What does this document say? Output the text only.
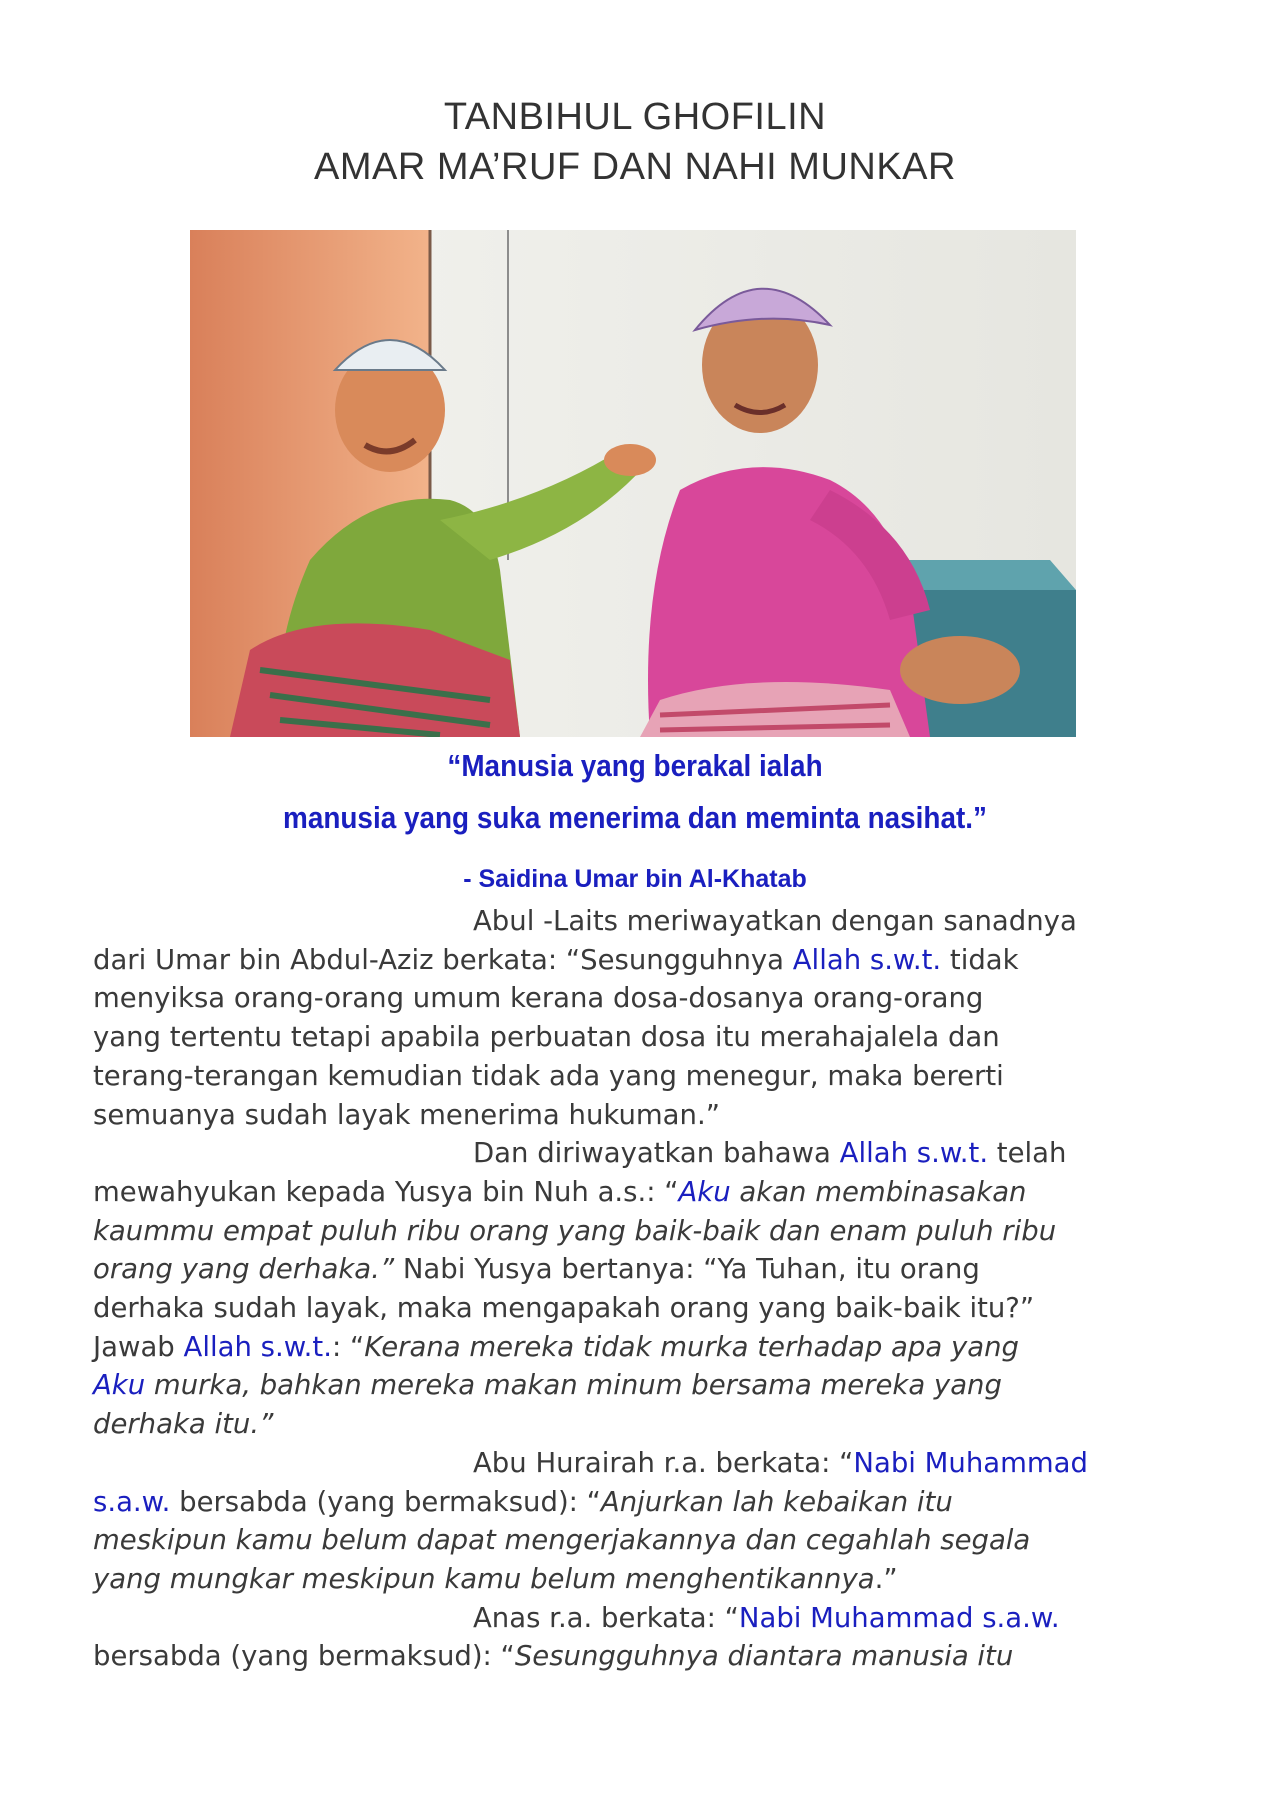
TANBIHUL GHOFILIN
AMAR MA’RUF DAN NAHI MUNKAR
“Manusia yang berakal ialah
manusia yang suka menerima dan meminta nasihat.”
- Saidina Umar bin Al-Khatab

Abul -Laits meriwayatkan dengan sanadnya
dari Umar bin Abdul-Aziz berkata: “Sesungguhnya Allah s.w.t. tidak
menyiksa orang-orang umum kerana dosa-dosanya orang-orang
yang tertentu tetapi apabila perbuatan dosa itu merahajalela dan
terang-terangan kemudian tidak ada yang menegur, maka bererti
semuanya sudah layak menerima hukuman.”

Dan diriwayatkan bahawa Allah s.w.t. telah
mewahyukan kepada Yusya bin Nuh a.s.: “Aku akan membinasakan
kaummu empat puluh ribu orang yang baik-baik dan enam puluh ribu
orang yang derhaka.” Nabi Yusya bertanya: “Ya Tuhan, itu orang
derhaka sudah layak, maka mengapakah orang yang baik-baik itu?”
Jawab Allah s.w.t.: “Kerana mereka tidak murka terhadap apa yang
Aku murka, bahkan mereka makan minum bersama mereka yang
derhaka itu.”

Abu Hurairah r.a. berkata: “Nabi Muhammad
s.a.w. bersabda (yang bermaksud): “Anjurkan lah kebaikan itu
meskipun kamu belum dapat mengerjakannya dan cegahlah segala
yang mungkar meskipun kamu belum menghentikannya.”

Anas r.a. berkata: “Nabi Muhammad s.a.w.
bersabda (yang bermaksud): “Sesungguhnya diantara manusia itu
